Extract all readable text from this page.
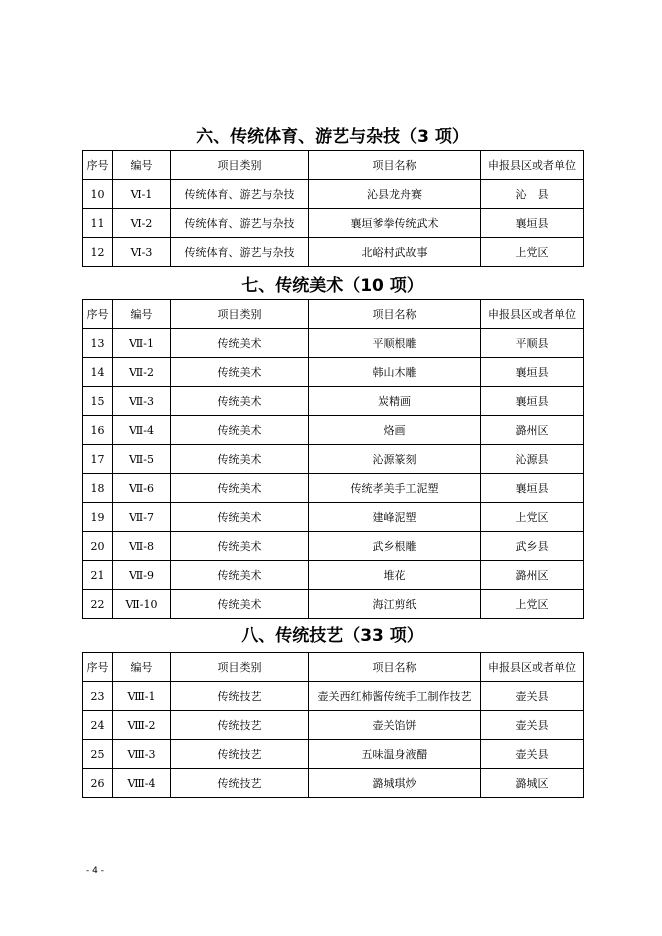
六、传统体育、游艺与杂技（3 项）
序号	编号	项目类别	项目名称	申报县区或者单位
10	Ⅵ-1	传统体育、游艺与杂技	沁县龙舟赛	沁　县
11	Ⅵ-2	传统体育、游艺与杂技	襄垣爹拳传统武术	襄垣县
12	Ⅵ-3	传统体育、游艺与杂技	北峪村武故事	上党区
七、传统美术（10 项）
序号	编号	项目类别	项目名称	申报县区或者单位
13	Ⅶ-1	传统美术	平顺根雕	平顺县
14	Ⅶ-2	传统美术	韩山木雕	襄垣县
15	Ⅶ-3	传统美术	炭精画	襄垣县
16	Ⅶ-4	传统美术	烙画	潞州区
17	Ⅶ-5	传统美术	沁源篆刻	沁源县
18	Ⅶ-6	传统美术	传统孝美手工泥塑	襄垣县
19	Ⅶ-7	传统美术	建峰泥塑	上党区
20	Ⅶ-8	传统美术	武乡根雕	武乡县
21	Ⅶ-9	传统美术	堆花	潞州区
22	Ⅶ-10	传统美术	海江剪纸	上党区
八、传统技艺（33 项）
序号	编号	项目类别	项目名称	申报县区或者单位
23	Ⅷ-1	传统技艺	壶关西红柿酱传统手工制作技艺	壶关县
24	Ⅷ-2	传统技艺	壶关馅饼	壶关县
25	Ⅷ-3	传统技艺	五味温身液醋	壶关县
26	Ⅷ-4	传统技艺	潞城琪炒	潞城区
- 4 -
